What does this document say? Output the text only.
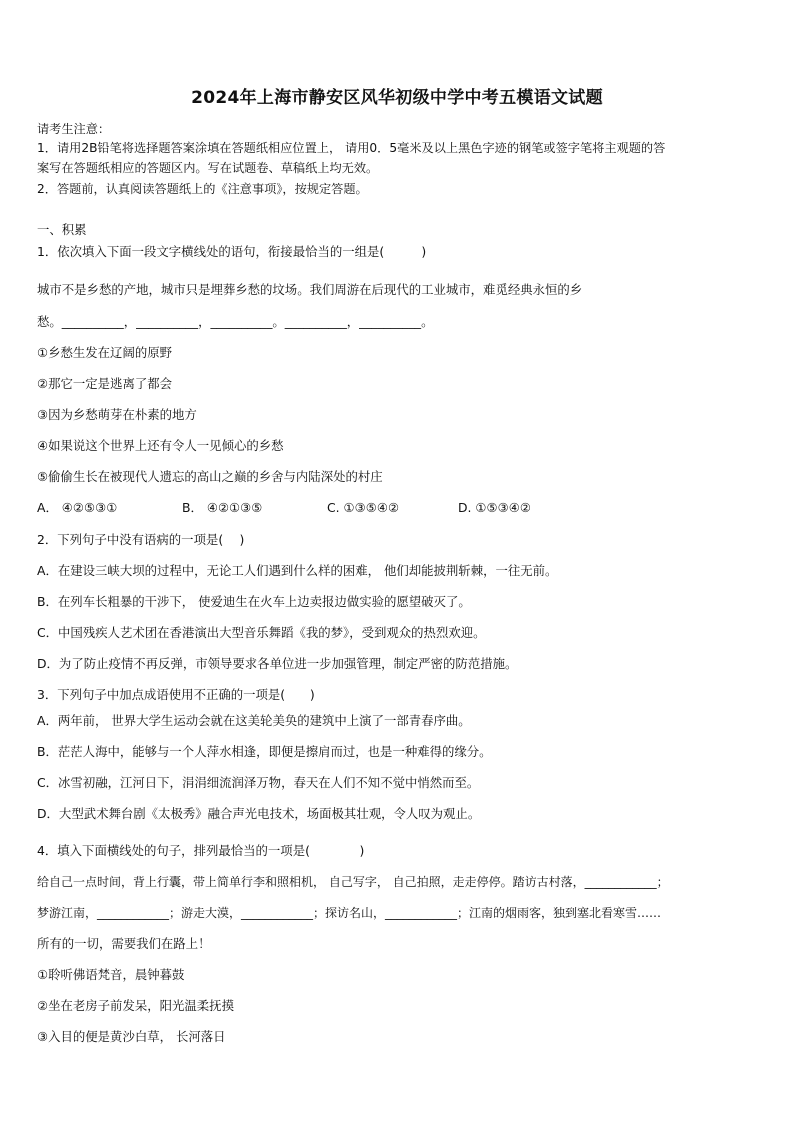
2024年上海市静安区风华初级中学中考五模语文试题
请考生注意：
1．请用2B铅笔将选择题答案涂填在答题纸相应位置上， 请用0．5毫米及以上黑色字迹的钢笔或签字笔将主观题的答
案写在答题纸相应的答题区内。写在试题卷、草稿纸上均无效。
2．答题前，认真阅读答题纸上的《注意事项》，按规定答题。
一、积累
1．依次填入下面一段文字横线处的语句，衔接最恰当的一组是(　　　)
城市不是乡愁的产地，城市只是埋葬乡愁的坟场。我们周游在后现代的工业城市，难觅经典永恒的乡
愁。__________，__________，__________。__________，__________。
①乡愁生发在辽阔的原野
②那它一定是逃离了都会
③因为乡愁萌芽在朴素的地方
④如果说这个世界上还有令人一见倾心的乡愁
⑤偷偷生长在被现代人遗忘的高山之巅的乡舍与内陆深处的村庄
A． ④②⑤③①	B． ④②①③⑤	C. ①③⑤④②	D. ①⑤③④②
2．下列句子中没有语病的一项是(　 )
A．在建设三峡大坝的过程中，无论工人们遇到什么样的困难， 他们却能披荆斩棘，一往无前。
B．在列车长粗暴的干涉下， 使爱迪生在火车上边卖报边做实验的愿望破灭了。
C．中国残疾人艺术团在香港演出大型音乐舞蹈《我的梦》，受到观众的热烈欢迎。
D．为了防止疫情不再反弹，市领导要求各单位进一步加强管理，制定严密的防范措施。
3．下列句子中加点成语使用不正确的一项是(　　)
A．两年前， 世界大学生运动会就在这美轮美奂的建筑中上演了一部青春序曲。
B．茫茫人海中，能够与一个人萍水相逢，即便是擦肩而过，也是一种难得的缘分。
C．冰雪初融，江河日下，涓涓细流润泽万物，春天在人们不知不觉中悄然而至。
D．大型武术舞台剧《太极秀》融合声光电技术，场面极其壮观，令人叹为观止。
4．填入下面横线处的句子，排列最恰当的一项是(　　　　)
给自己一点时间，背上行囊，带上简单行李和照相机， 自己写字， 自己拍照，走走停停。踏访古村落，____________；
梦游江南，____________；游走大漠，____________；探访名山，____________；江南的烟雨客，独到塞北看寒雪……
所有的一切，需要我们在路上！
①聆听佛语梵音，晨钟暮鼓
②坐在老房子前发呆，阳光温柔抚摸
③入目的便是黄沙白草， 长河落日
